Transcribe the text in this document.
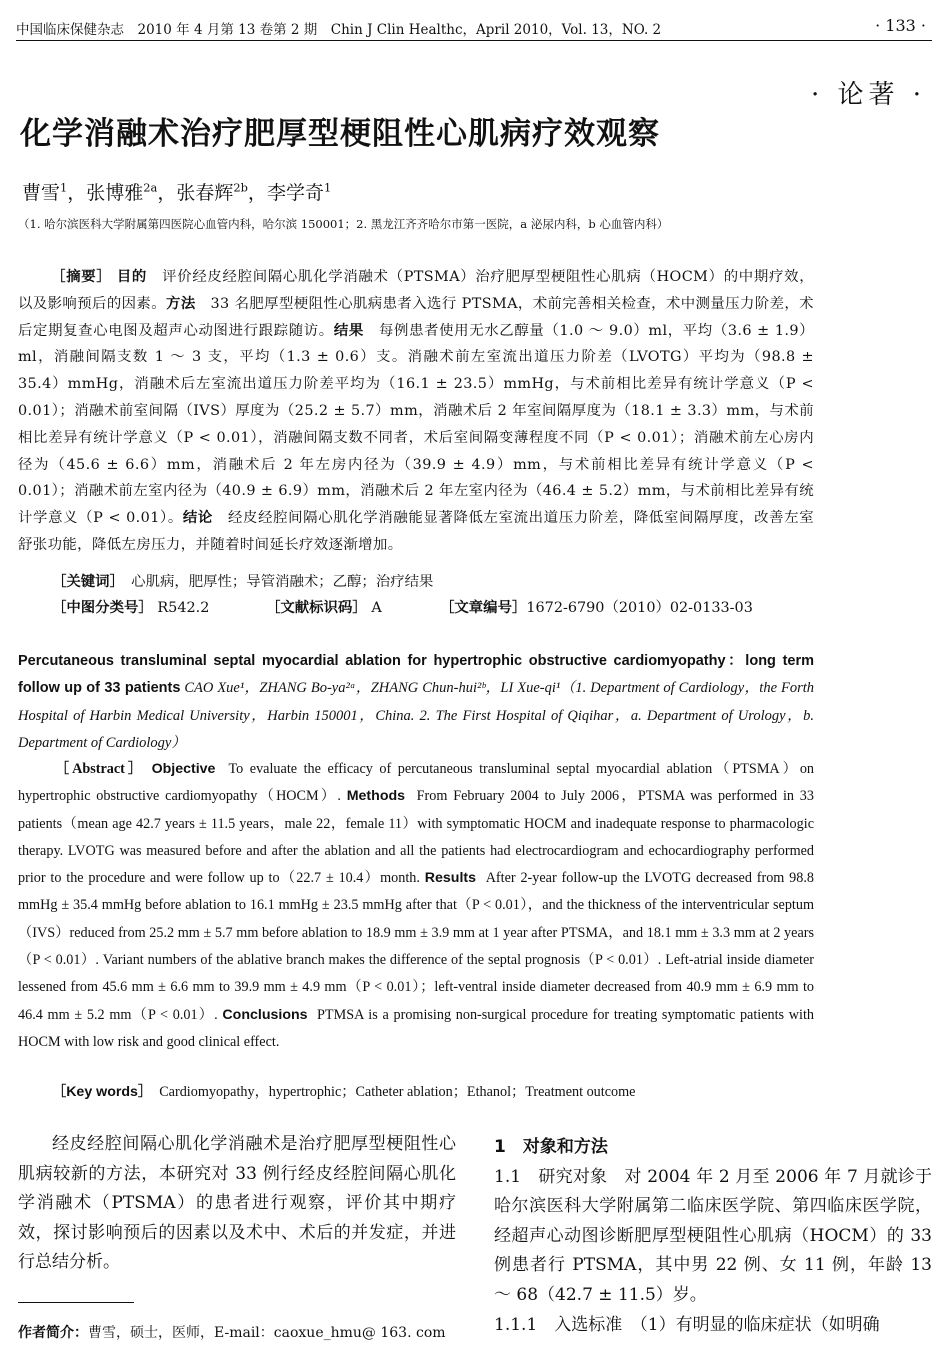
中国临床保健杂志　2010 年 4 月第 13 卷第 2 期　Chin J Clin Healthc，April 2010，Vol. 13，NO. 2	· 133 ·
· 论著 ·
化学消融术治疗肥厚型梗阻性心肌病疗效观察
曹雪$^1$，张博雅$^{2a}$，张春辉$^{2b}$，李学奇$^1$
（1. 哈尔滨医科大学附属第四医院心血管内科，哈尔滨 150001；2. 黑龙江齐齐哈尔市第一医院，a 泌尿内科，b 心血管内科）
［摘要］ 目的　 评价经皮经腔间隔心肌化学消融术（PTSMA）治疗肥厚型梗阻性心肌病（HOCM）的中期疗效，以及影响预后的因素。方法　 33 名肥厚型梗阻性心肌病患者入选行 PTSMA，术前完善相关检查，术中测量压力阶差，术后定期复查心电图及超声心动图进行跟踪随访。结果　 每例患者使用无水乙醇量（1.0 ～ 9.0）ml，平均（3.6 ± 1.9）ml，消融间隔支数 1 ～ 3 支，平均（1.3 ± 0.6）支。消融术前左室流出道压力阶差（LVOTG）平均为（98.8 ± 35.4）mmHg，消融术后左室流出道压力阶差平均为（16.1 ± 23.5）mmHg，与术前相比差异有统计学意义（P < 0.01）；消融术前室间隔（IVS）厚度为（25.2 ± 5.7）mm，消融术后 2 年室间隔厚度为（18.1 ± 3.3）mm，与术前相比差异有统计学意义（P < 0.01），消融间隔支数不同者，术后室间隔变薄程度不同（P < 0.01）；消融术前左心房内径为（45.6 ± 6.6）mm，消融术后 2 年左房内径为（39.9 ± 4.9）mm，与术前相比差异有统计学意义（P < 0.01）；消融术前左室内径为（40.9 ± 6.9）mm，消融术后 2 年左室内径为（46.4 ± 5.2）mm，与术前相比差异有统计学意义（P < 0.01）。结论　 经皮经腔间隔心肌化学消融能显著降低左室流出道压力阶差，降低室间隔厚度，改善左室舒张功能，降低左房压力，并随着时间延长疗效逐渐增加。
［关键词］　 心肌病，肥厚性；导管消融术；乙醇；治疗结果
［中图分类号］ R542.2	［文献标识码］ A	［文章编号］1672-6790（2010）02-0133-03
Percutaneous transluminal septal myocardial ablation for hypertrophic obstructive cardiomyopathy：long term follow up of 33 patients CAO Xue¹，ZHANG Bo-ya²ᵃ，ZHANG Chun-hui²ᵇ，LI Xue-qi¹（1. Department of Cardiology，the Forth Hospital of Harbin Medical University，Harbin 150001，China. 2. The First Hospital of Qiqihar，a. Department of Urology，b. Department of Cardiology）
［Abstract］ Objective To evaluate the efficacy of percutaneous transluminal septal myocardial ablation（PTSMA）on hypertrophic obstructive cardiomyopathy（HOCM）. Methods From February 2004 to July 2006，PTSMA was performed in 33 patients（mean age 42.7 years ± 11.5 years，male 22，female 11）with symptomatic HOCM and inadequate response to pharmacologic therapy. LVOTG was measured before and after the ablation and all the patients had electrocardiogram and echocardiography performed prior to the procedure and were follow up to（22.7 ± 10.4）month. Results After 2-year follow-up the LVOTG decreased from 98.8 mmHg ± 35.4 mmHg before ablation to 16.1 mmHg ± 23.5 mmHg after that（P < 0.01），and the thickness of the interventricular septum（IVS）reduced from 25.2 mm ± 5.7 mm before ablation to 18.9 mm ± 3.9 mm at 1 year after PTSMA，and 18.1 mm ± 3.3 mm at 2 years（P < 0.01）. Variant numbers of the ablative branch makes the difference of the septal prognosis（P < 0.01）. Left-atrial inside diameter lessened from 45.6 mm ± 6.6 mm to 39.9 mm ± 4.9 mm（P < 0.01）；left-ventral inside diameter decreased from 40.9 mm ± 6.9 mm to 46.4 mm ± 5.2 mm（P < 0.01）. Conclusions PTMSA is a promising non-surgical procedure for treating symptomatic patients with HOCM with low risk and good clinical effect.
［Key words］ Cardiomyopathy，hypertrophic；Catheter ablation；Ethanol；Treatment outcome
经皮经腔间隔心肌化学消融术是治疗肥厚型梗阻性心肌病较新的方法，本研究对 33 例行经皮经腔间隔心肌化学消融术（PTSMA）的患者进行观察，评价其中期疗效，探讨影响预后的因素以及术中、术后的并发症，并进行总结分析。
作者简介：曹雪，硕士，医师，E-mail：caoxue_hmu@ 163. com

1　对象和方法

1.1　研究对象　对 2004 年 2 月至 2006 年 7 月就诊于哈尔滨医科大学附属第二临床医学院、第四临床医学院，经超声心动图诊断肥厚型梗阻性心肌病（HOCM）的 33 例患者行 PTSMA，其中男 22 例、女 11 例，年龄 13 ～ 68（42.7 ± 11.5）岁。

1.1.1　入选标准　（1）有明显的临床症状（如明确
